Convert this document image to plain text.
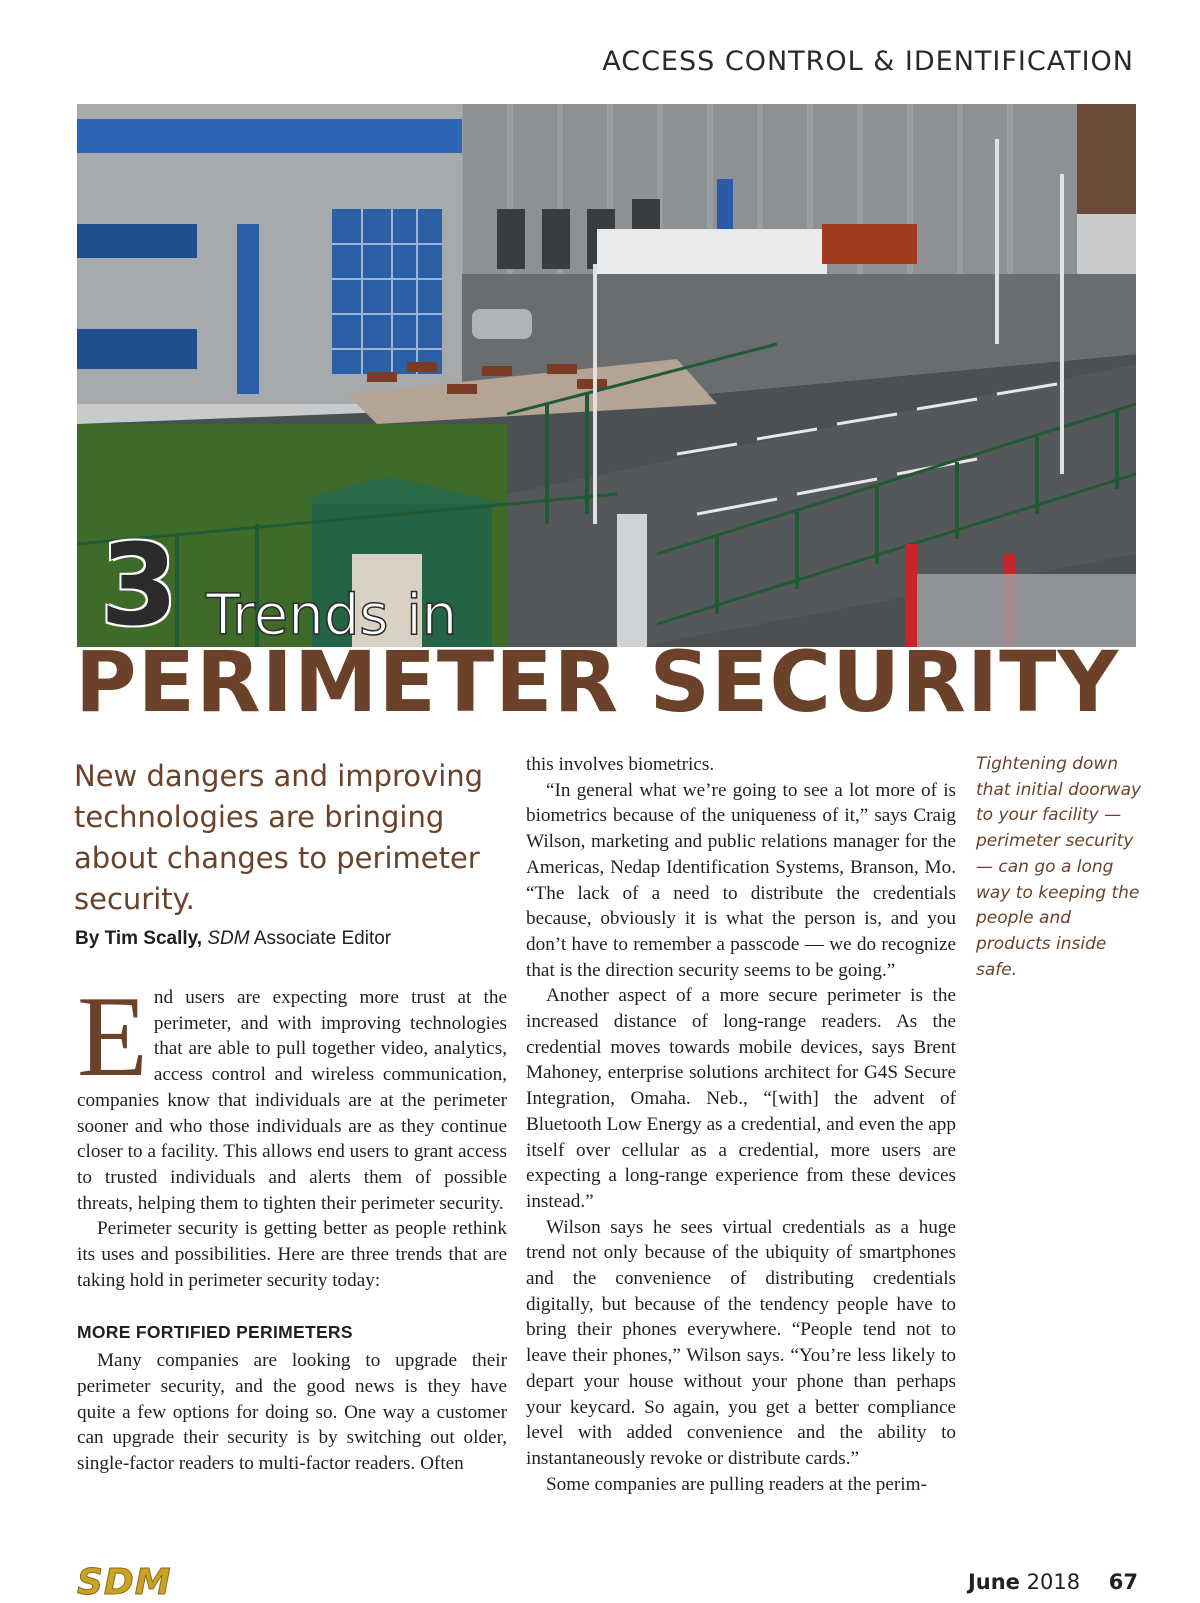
ACCESS CONTROL & IDENTIFICATION
3 Trends in
PERIMETER SECURITY
New dangers and improving technologies are bringing about changes to perimeter security.
By Tim Scally, SDM Associate Editor

End users are expecting more trust at the perimeter, and with improving technologies that are able to pull together video, analytics, access control and wireless communication, companies know that individuals are at the perimeter sooner and who those individuals are as they continue closer to a facility. This allows end users to grant access to trusted individuals and alerts them of possible threats, helping them to tighten their perimeter security.

Perimeter security is getting better as people rethink its uses and possibilities. Here are three trends that are taking hold in perimeter security today:

MORE FORTIFIED PERIMETERS

Many companies are looking to upgrade their perimeter security, and the good news is they have quite a few options for doing so. One way a customer can upgrade their security is by switching out older, single-factor readers to multi-factor readers. Often

this involves biometrics.

“In general what we’re going to see a lot more of is biometrics because of the uniqueness of it,” says Craig Wilson, marketing and public relations manager for the Americas, Nedap Identification Systems, Branson, Mo. “The lack of a need to distribute the credentials because, obviously it is what the person is, and you don’t have to remember a passcode — we do recognize that is the direction security seems to be going.”

Another aspect of a more secure perimeter is the increased distance of long-range readers. As the credential moves towards mobile devices, says Brent Mahoney, enterprise solutions architect for G4S Secure Integration, Omaha. Neb., “[with] the advent of Bluetooth Low Energy as a credential, and even the app itself over cellular as a credential, more users are expecting a long-range experience from these devices instead.”

Wilson says he sees virtual credentials as a huge trend not only because of the ubiquity of smartphones and the convenience of distributing credentials digitally, but because of the tendency people have to bring their phones everywhere. “People tend not to leave their phones,” Wilson says. “You’re less likely to depart your house without your phone than perhaps your keycard. So again, you get a better compliance level with added convenience and the ability to instantaneously revoke or distribute cards.”

Some companies are pulling readers at the perim-

Tightening down that initial doorway to your facility — perimeter security — can go a long way to keeping the people and products inside safe.
SDM	June 2018 67
